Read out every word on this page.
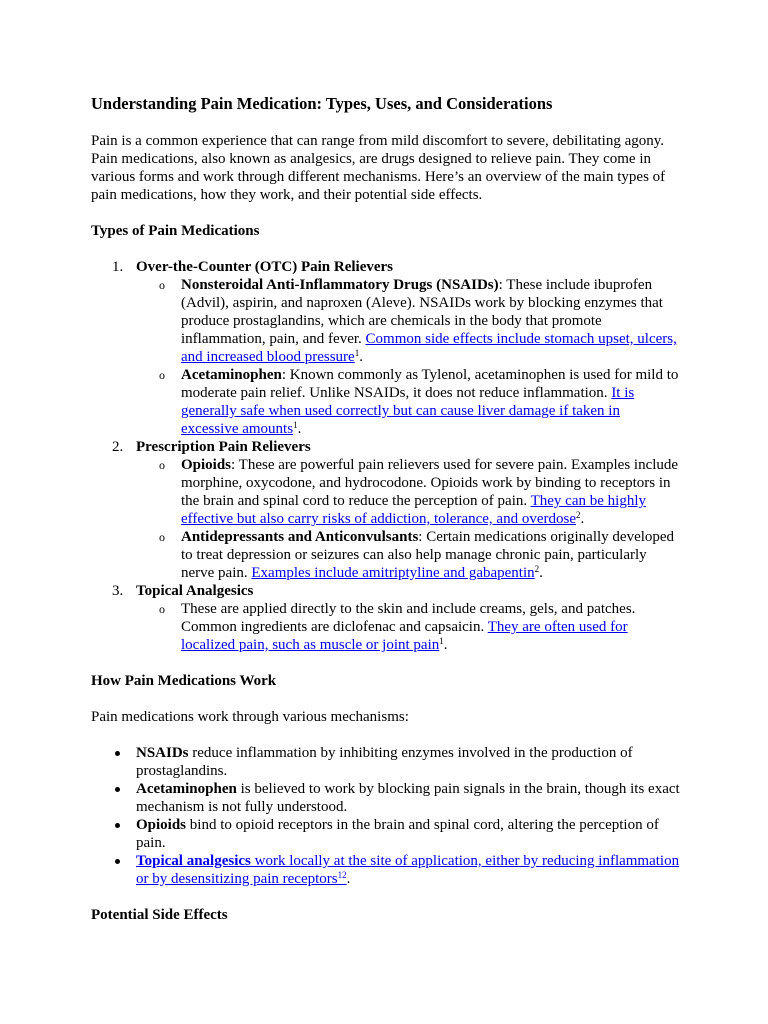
Understanding Pain Medication: Types, Uses, and Considerations

Pain is a common experience that can range from mild discomfort to severe, debilitating agony. Pain medications, also known as analgesics, are drugs designed to relieve pain. They come in various forms and work through different mechanisms. Here’s an overview of the main types of pain medications, how they work, and their potential side effects.

Types of Pain Medications
1. Over-the-Counter (OTC) Pain Relievers
o Nonsteroidal Anti-Inflammatory Drugs (NSAIDs): These include ibuprofen (Advil), aspirin, and naproxen (Aleve). NSAIDs work by blocking enzymes that produce prostaglandins, which are chemicals in the body that promote inflammation, pain, and fever. Common side effects include stomach upset, ulcers, and increased blood pressure$^1$.
o Acetaminophen: Known commonly as Tylenol, acetaminophen is used for mild to moderate pain relief. Unlike NSAIDs, it does not reduce inflammation. It is generally safe when used correctly but can cause liver damage if taken in excessive amounts$^1$.
2. Prescription Pain Relievers
o Opioids: These are powerful pain relievers used for severe pain. Examples include morphine, oxycodone, and hydrocodone. Opioids work by binding to receptors in the brain and spinal cord to reduce the perception of pain. They can be highly effective but also carry risks of addiction, tolerance, and overdose$^2$.
o Antidepressants and Anticonvulsants: Certain medications originally developed to treat depression or seizures can also help manage chronic pain, particularly nerve pain. Examples include amitriptyline and gabapentin$^2$.
3. Topical Analgesics
o These are applied directly to the skin and include creams, gels, and patches. Common ingredients are diclofenac and capsaicin. They are often used for localized pain, such as muscle or joint pain$^1$.
How Pain Medications Work

Pain medications work through various mechanisms:

NSAIDs reduce inflammation by inhibiting enzymes involved in the production of prostaglandins.
Acetaminophen is believed to work by blocking pain signals in the brain, though its exact mechanism is not fully understood.
Opioids bind to opioid receptors in the brain and spinal cord, altering the perception of pain.
Topical analgesics work locally at the site of application, either by reducing inflammation or by desensitizing pain receptors$^{12}$.
Potential Side Effects
